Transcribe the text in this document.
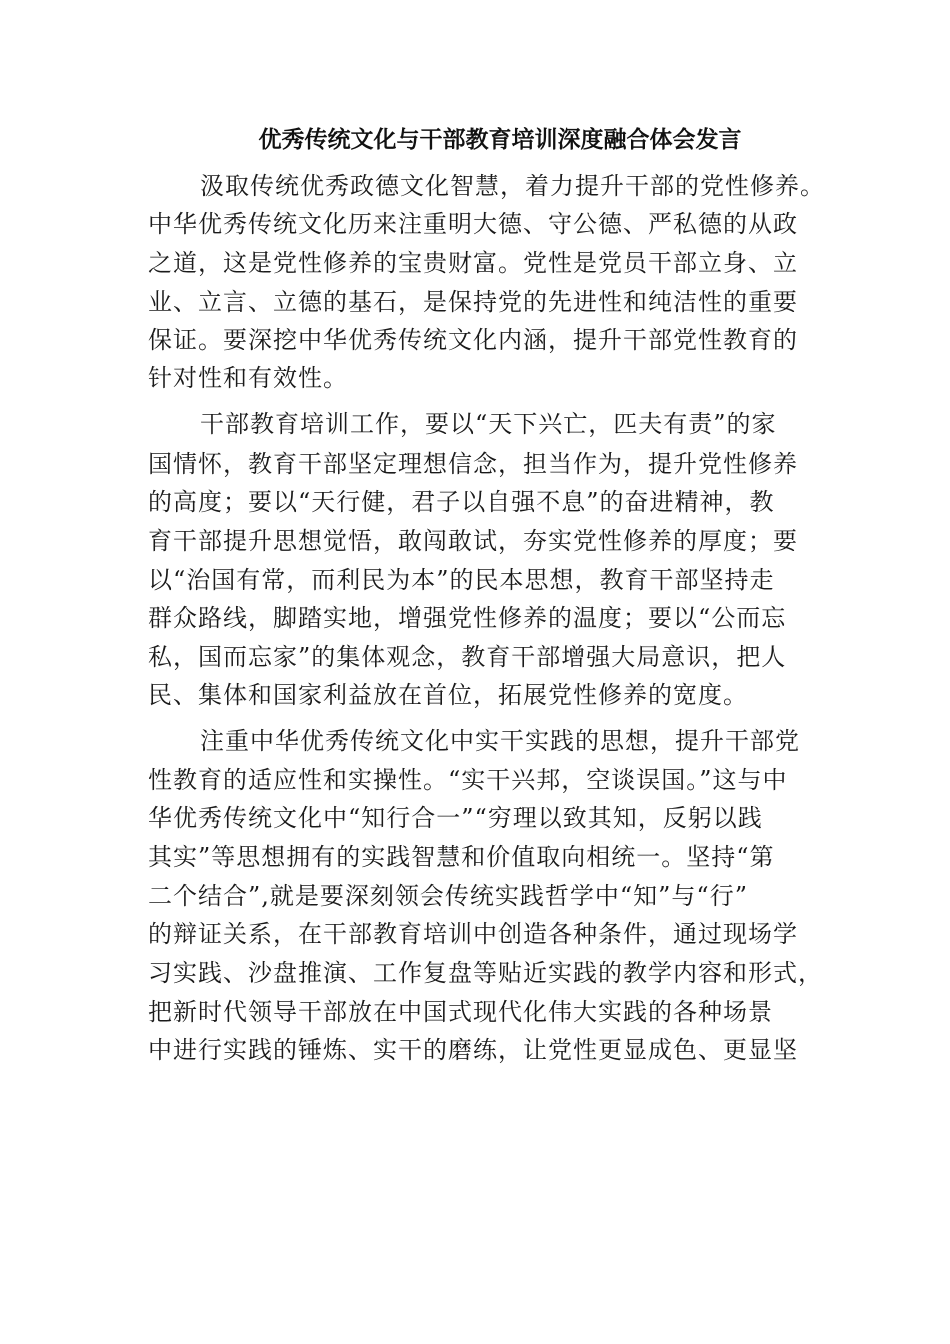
优秀传统文化与干部教育培训深度融合体会发言
汲取传统优秀政德文化智慧，着力提升干部的党性修养。
中华优秀传统文化历来注重明大德、守公德、严私德的从政
之道，这是党性修养的宝贵财富。党性是党员干部立身、立
业、立言、立德的基石，是保持党的先进性和纯洁性的重要
保证。要深挖中华优秀传统文化内涵，提升干部党性教育的
针对性和有效性。
干部教育培训工作，要以“天下兴亡，匹夫有责”的家
国情怀，教育干部坚定理想信念，担当作为，提升党性修养
的高度；要以“天行健，君子以自强不息”的奋进精神，教
育干部提升思想觉悟，敢闯敢试，夯实党性修养的厚度；要
以“治国有常，而利民为本”的民本思想，教育干部坚持走
群众路线，脚踏实地，增强党性修养的温度；要以“公而忘
私，国而忘家”的集体观念，教育干部增强大局意识，把人
民、集体和国家利益放在首位，拓展党性修养的宽度。
注重中华优秀传统文化中实干实践的思想，提升干部党
性教育的适应性和实操性。“实干兴邦，空谈误国。”这与中
华优秀传统文化中“知行合一”“穷理以致其知，反躬以践
其实”等思想拥有的实践智慧和价值取向相统一。坚持“第
二个结合”,就是要深刻领会传统实践哲学中“知”与“行”
的辩证关系，在干部教育培训中创造各种条件，通过现场学
习实践、沙盘推演、工作复盘等贴近实践的教学内容和形式，
把新时代领导干部放在中国式现代化伟大实践的各种场景
中进行实践的锤炼、实干的磨练，让党性更显成色、更显坚
